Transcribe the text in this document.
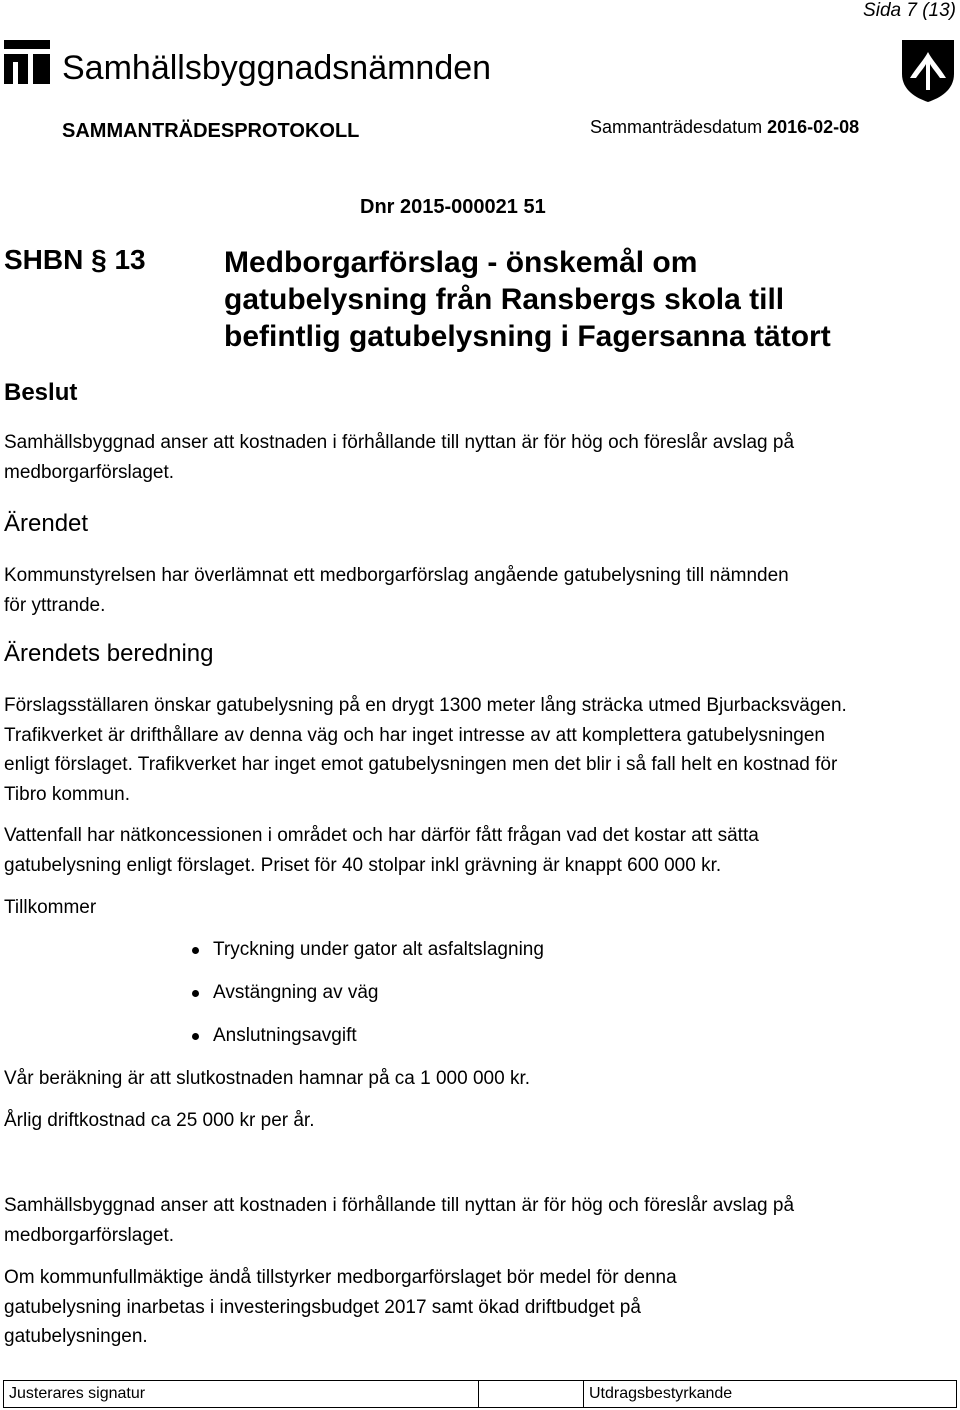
Sida 7 (13)
Samhällsbyggnadsnämnden
SAMMANTRÄDESPROTOKOLL	Sammanträdesdatum 2016-02-08
Dnr 2015-000021 51
SHBN § 13	Medborgarförslag - önskemål om gatubelysning från Ransbergs skola till befintlig gatubelysning i Fagersanna tätort
Beslut
Samhällsbyggnad anser att kostnaden i förhållande till nyttan är för hög och föreslår avslag på medborgarförslaget.
Ärendet
Kommunstyrelsen har överlämnat ett medborgarförslag angående gatubelysning till nämnden för yttrande.
Ärendets beredning
Förslagsställaren önskar gatubelysning på en drygt 1300 meter lång sträcka utmed Bjurbacksvägen. Trafikverket är drifthållare av denna väg och har inget intresse av att komplettera gatubelysningen enligt förslaget. Trafikverket har inget emot gatubelysningen men det blir i så fall helt en kostnad för Tibro kommun.
Vattenfall har nätkoncessionen i området och har därför fått frågan vad det kostar att sätta gatubelysning enligt förslaget. Priset för 40 stolpar inkl grävning är knappt 600 000 kr.
Tillkommer
Tryckning under gator alt asfaltslagning
Avstängning av väg
Anslutningsavgift
Vår beräkning är att slutkostnaden hamnar på ca 1 000 000 kr.
Årlig driftkostnad ca 25 000 kr per år.
Samhällsbyggnad anser att kostnaden i förhållande till nyttan är för hög och föreslår avslag på medborgarförslaget.
Om kommunfullmäktige ändå tillstyrker medborgarförslaget bör medel för denna gatubelysning inarbetas i investeringsbudget 2017 samt ökad driftbudget på gatubelysningen.
Justerares signatur	Utdragsbestyrkande
